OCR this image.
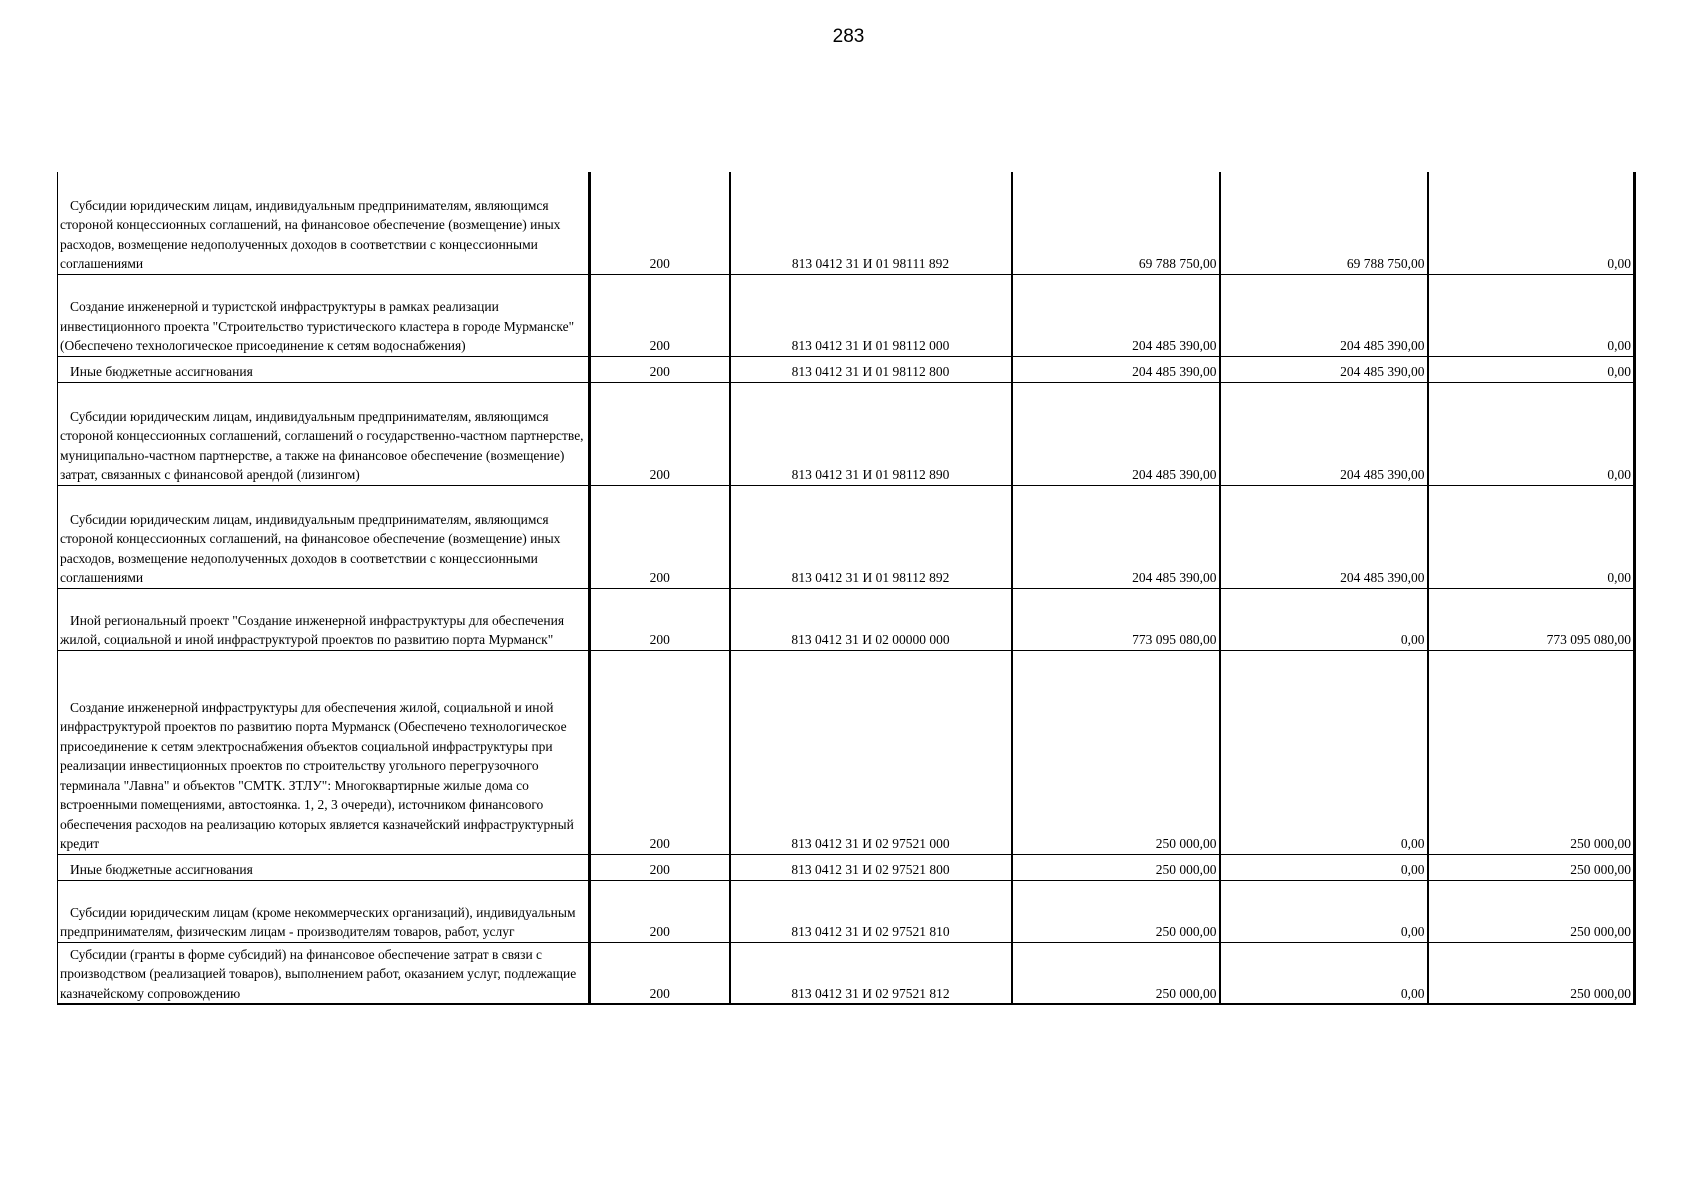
283
Субсидии юридическим лицам, индивидуальным предпринимателям, являющимся стороной концессионных соглашений, на финансовое обеспечение (возмещение) иных расходов, возмещение недополученных доходов в соответствии с концессионными соглашениями	200	813 0412 31 И 01 98111 892	69 788 750,00	69 788 750,00	0,00
Создание инженерной и туристской инфраструктуры в рамках реализации инвестиционного проекта "Строительство туристического кластера в городе Мурманске" (Обеспечено технологическое присоединение к сетям водоснабжения)	200	813 0412 31 И 01 98112 000	204 485 390,00	204 485 390,00	0,00
Иные бюджетные ассигнования	200	813 0412 31 И 01 98112 800	204 485 390,00	204 485 390,00	0,00
Субсидии юридическим лицам, индивидуальным предпринимателям, являющимся стороной концессионных соглашений, соглашений о государственно-частном партнерстве, муниципально-частном партнерстве, а также на финансовое обеспечение (возмещение) затрат, связанных с финансовой арендой (лизингом)	200	813 0412 31 И 01 98112 890	204 485 390,00	204 485 390,00	0,00
Субсидии юридическим лицам, индивидуальным предпринимателям, являющимся стороной концессионных соглашений, на финансовое обеспечение (возмещение) иных расходов, возмещение недополученных доходов в соответствии с концессионными соглашениями	200	813 0412 31 И 01 98112 892	204 485 390,00	204 485 390,00	0,00
Иной региональный проект "Создание инженерной инфраструктуры для обеспечения жилой, социальной и иной инфраструктурой проектов по развитию порта Мурманск"	200	813 0412 31 И 02 00000 000	773 095 080,00	0,00	773 095 080,00
Создание инженерной инфраструктуры для обеспечения жилой, социальной и иной инфраструктурой проектов по развитию порта Мурманск (Обеспечено технологическое присоединение к сетям электроснабжения объектов социальной инфраструктуры при реализации инвестиционных проектов по строительству угольного перегрузочного терминала "Лавна" и объектов "СМТК. ЗТЛУ": Многоквартирные жилые дома со встроенными помещениями, автостоянка. 1, 2, 3 очереди), источником финансового обеспечения расходов на реализацию которых является казначейский инфраструктурный кредит	200	813 0412 31 И 02 97521 000	250 000,00	0,00	250 000,00
Иные бюджетные ассигнования	200	813 0412 31 И 02 97521 800	250 000,00	0,00	250 000,00
Субсидии юридическим лицам (кроме некоммерческих организаций), индивидуальным предпринимателям, физическим лицам - производителям товаров, работ, услуг	200	813 0412 31 И 02 97521 810	250 000,00	0,00	250 000,00
Субсидии (гранты в форме субсидий) на финансовое обеспечение затрат в связи с производством (реализацией товаров), выполнением работ, оказанием услуг, подлежащие казначейскому сопровождению	200	813 0412 31 И 02 97521 812	250 000,00	0,00	250 000,00
